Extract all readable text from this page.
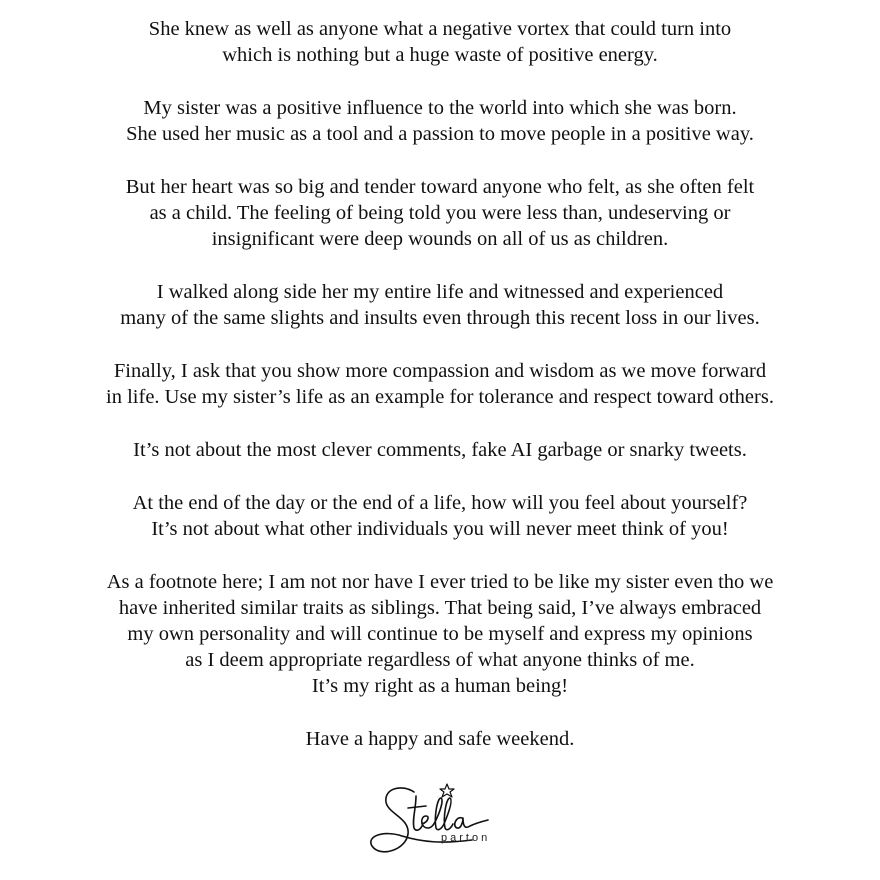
She knew as well as anyone what a negative vortex that could turn into
which is nothing but a huge waste of positive energy.

My sister was a positive influence to the world into which she was born.
She used her music as a tool and a passion to move people in a positive way.

But her heart was so big and tender toward anyone who felt, as she often felt
as a child. The feeling of being told you were less than, undeserving or
insignificant were deep wounds on all of us as children.

I walked along side her my entire life and witnessed and experienced
many of the same slights and insults even through this recent loss in our lives.

Finally, I ask that you show more compassion and wisdom as we move forward
in life. Use my sister’s life as an example for tolerance and respect toward others.

It’s not about the most clever comments, fake AI garbage or snarky tweets.

At the end of the day or the end of a life, how will you feel about yourself?
It’s not about what other individuals you will never meet think of you!

As a footnote here; I am not nor have I ever tried to be like my sister even tho we
have inherited similar traits as siblings. That being said, I’ve always embraced
my own personality and will continue to be myself and express my opinions
as I deem appropriate regardless of what anyone thinks of me.
It’s my right as a human being!

Have a happy and safe weekend.

parton
